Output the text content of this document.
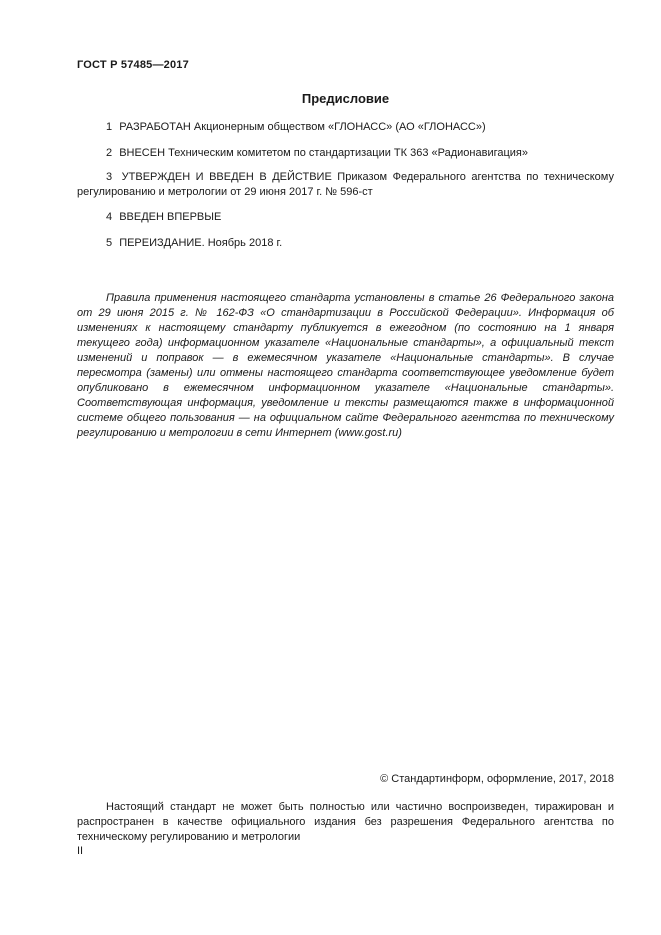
ГОСТ Р 57485—2017
Предисловие
1 РАЗРАБОТАН Акционерным обществом «ГЛОНАСС» (АО «ГЛОНАСС»)
2 ВНЕСЕН Техническим комитетом по стандартизации ТК 363 «Радионавигация»
3 УТВЕРЖДЕН И ВВЕДЕН В ДЕЙСТВИЕ Приказом Федерального агентства по техническому регулированию и метрологии от 29 июня 2017 г. № 596-ст
4 ВВЕДЕН ВПЕРВЫЕ
5 ПЕРЕИЗДАНИЕ. Ноябрь 2018 г.
Правила применения настоящего стандарта установлены в статье 26 Федерального закона от 29 июня 2015 г. № 162-ФЗ «О стандартизации в Российской Федерации». Информация об изменениях к настоящему стандарту публикуется в ежегодном (по состоянию на 1 января текущего года) информационном указателе «Национальные стандарты», а официальный текст изменений и поправок — в ежемесячном указателе «Национальные стандарты». В случае пересмотра (замены) или отмены настоящего стандарта соответствующее уведомление будет опубликовано в ежемесячном информационном указателе «Национальные стандарты». Соответствующая информация, уведомление и тексты размещаются также в информационной системе общего пользования — на официальном сайте Федерального агентства по техническому регулированию и метрологии в сети Интернет (www.gost.ru)
© Стандартинформ, оформление, 2017, 2018
Настоящий стандарт не может быть полностью или частично воспроизведен, тиражирован и распространен в качестве официального издания без разрешения Федерального агентства по техническому регулированию и метрологии
II
